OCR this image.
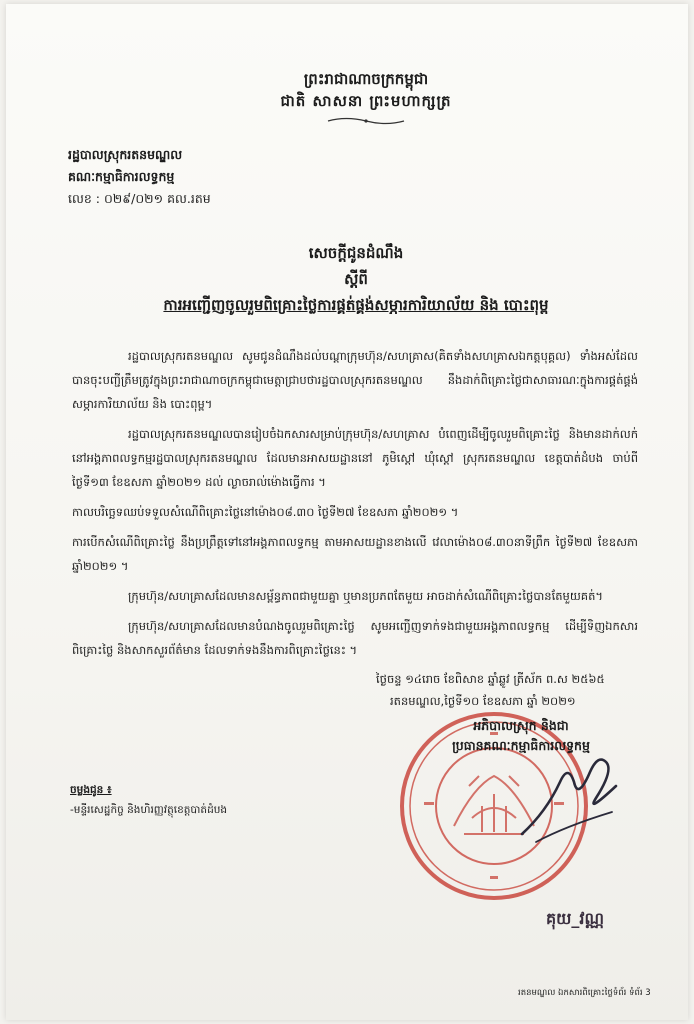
ព្រះរាជាណាចក្រកម្ពុជា
ជាតិ សាសនា ព្រះមហាក្សត្រ
រដ្ឋបាលស្រុករតនមណ្ឌល
គណៈកម្មាធិការលទ្ធកម្ម
លេខ : ០២៩/០២១ គល.រតម
សេចក្ដីជូនដំណឹង
ស្ដីពី
ការអញ្ជើញចូលរួមពិគ្រោះថ្លៃការផ្គត់ផ្គង់សម្ភារការិយាល័យ និង បោះពុម្ព

រដ្ឋបាលស្រុករតនមណ្ឌល សូមជូនដំណឹងដល់បណ្ដាក្រុមហ៊ុន/សហគ្រាស(គិតទាំងសហគ្រាសឯកត្តបុគ្គល) ទាំងអស់ដែលបានចុះបញ្ជីត្រឹមត្រូវក្នុងព្រះរាជាណាចក្រកម្ពុជាមេត្តាជ្រាបថារដ្ឋបាលស្រុករតនមណ្ឌល នឹងដាក់ពិគ្រោះថ្លៃជាសាធារណៈក្នុងការផ្គត់ផ្គង់ សម្ភារការិយាល័យ និង បោះពុម្ព។

រដ្ឋបាលស្រុករតនមណ្ឌលបានរៀបចំឯកសារសម្រាប់ក្រុមហ៊ុន/សហគ្រាស បំពេញដើម្បីចូលរួមពិគ្រោះថ្លៃ និងមានដាក់លក់នៅអង្គភាពលទ្ធកម្មរដ្ឋបាលស្រុករតនមណ្ឌល ដែលមានអាសយដ្ឋាននៅ ភូមិស្ដៅ ឃុំស្ដៅ ស្រុករតនមណ្ឌល ខេត្តបាត់ដំបង ចាប់ពីថ្ងៃទី១៣ ខែឧសភា ឆ្នាំ២០២១ ដល់ ល្ងាចរាល់ម៉ោងធ្វើការ ។

កាលបរិច្ឆេទឈប់ទទួលសំណើពិគ្រោះថ្លៃនៅម៉ោង០៨.៣០ ថ្ងៃទី២៧ ខែឧសភា ឆ្នាំ២០២១ ។

ការបើកសំណើពិគ្រោះថ្លៃ នឹងប្រព្រឹត្តទៅនៅអង្គភាពលទ្ធកម្ម តាមអាសយដ្ឋានខាងលើ វេលាម៉ោង០៨.៣០នាទីព្រឹក ថ្ងៃទី២៧ ខែឧសភា ឆ្នាំ២០២១ ។

ក្រុមហ៊ុន/សហគ្រាសដែលមានសម្ព័ន្ធភាពជាមួយគ្នា ឬមានប្រភពតែមួយ អាចដាក់សំណើពិគ្រោះថ្លៃបានតែមួយគត់។

ក្រុមហ៊ុន/សហគ្រាសដែលមានបំណងចូលរួមពិគ្រោះថ្លៃ សូមអញ្ជើញទាក់ទងជាមួយអង្គភាពលទ្ធកម្ម ដើម្បីទិញឯកសារពិគ្រោះថ្លៃ និងសាកសួរព័ត៌មាន ដែលទាក់ទងនឹងការពិគ្រោះថ្លៃនេះ ។

ថ្ងៃចន្ទ ១៤រោច ខែពិសាខ ឆ្នាំឆ្លូវ ត្រីស័ក ព.ស ២៥៦៥
រតនមណ្ឌល,ថ្ងៃទី១០ ខែឧសភា ឆ្នាំ ២០២១
ចម្លងជូន ៖
-មន្ទីរសេដ្ឋកិច្ច និងហិរញ្ញវត្ថុខេត្តបាត់ដំបង
អភិបាលស្រុក និងជា
ប្រធានគណៈកម្មាធិការលទ្ធកម្ម
គុយ_វណ្ណ
រតនមណ្ឌល ឯកសារពិគ្រោះថ្លៃទំព័រ ទំព័រ 3
